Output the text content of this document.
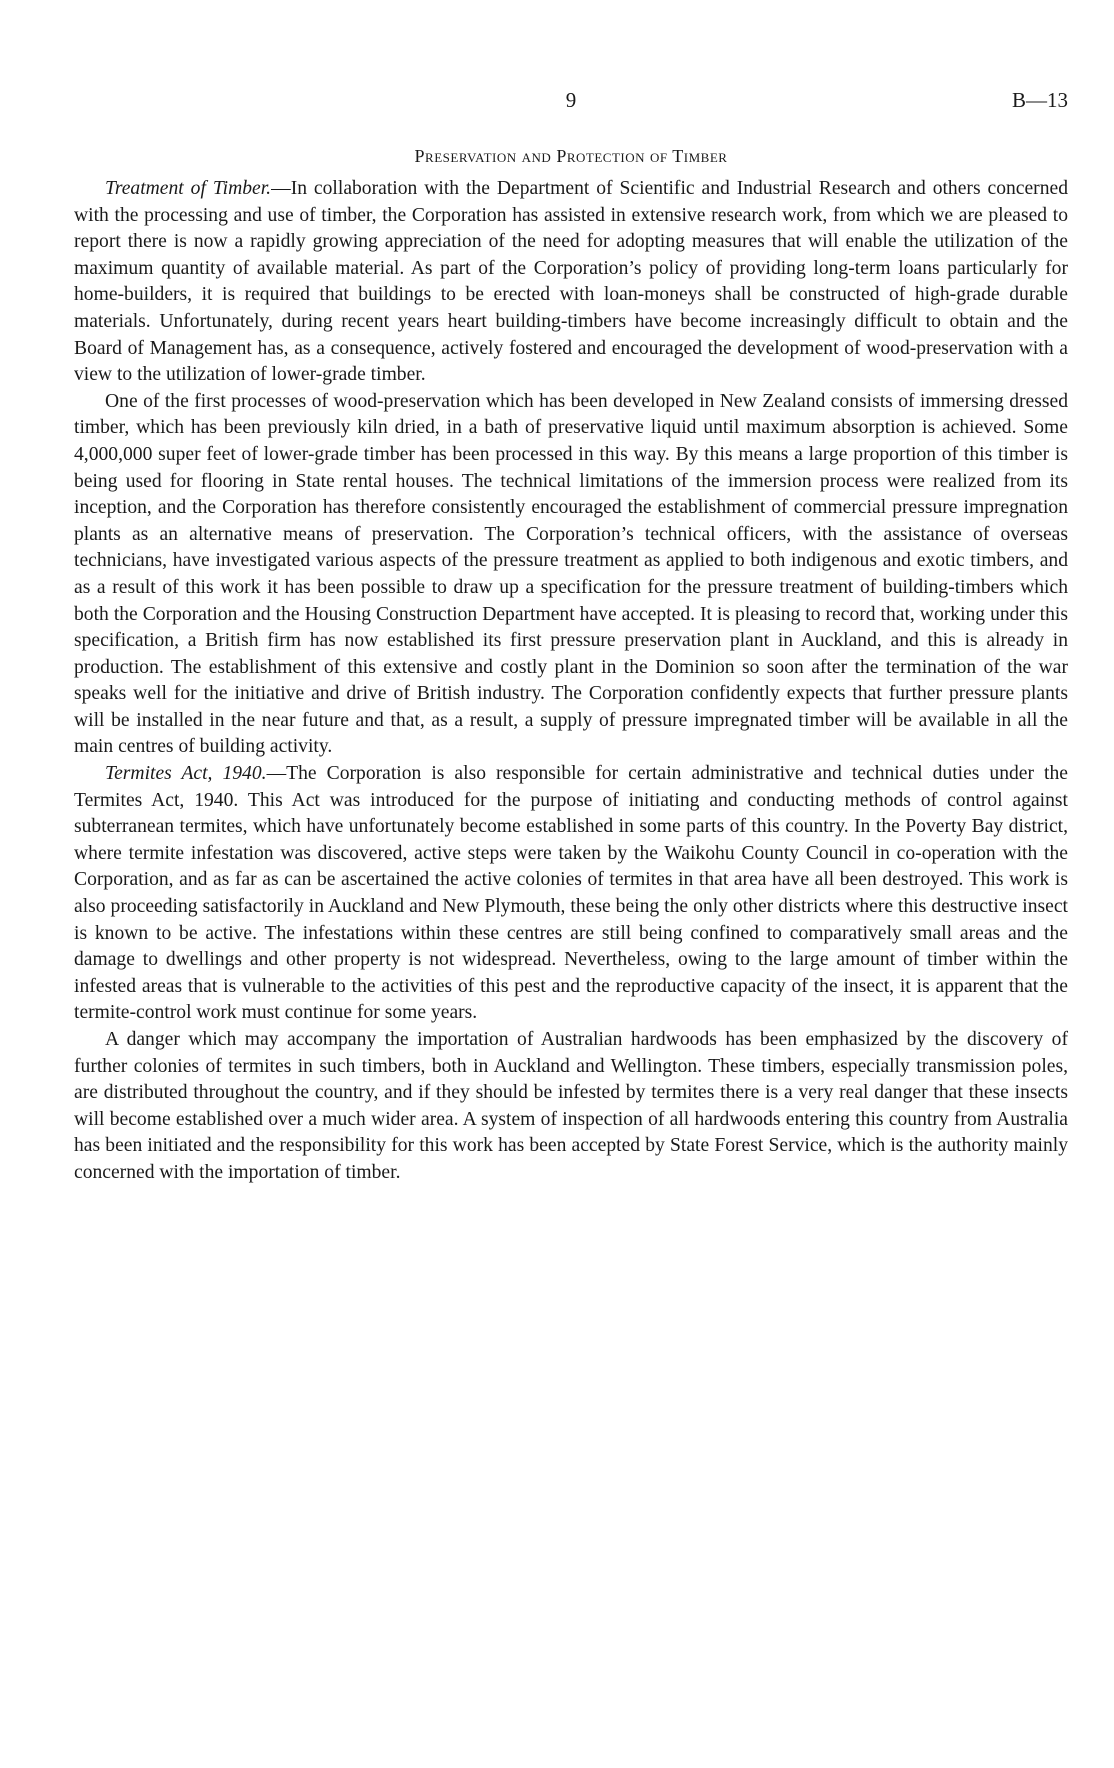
9	B—13
Preservation and Protection of Timber

Treatment of Timber.—In collaboration with the Department of Scientific and Industrial Research and others concerned with the processing and use of timber, the Corporation has assisted in extensive research work, from which we are pleased to report there is now a rapidly growing appreciation of the need for adopting measures that will enable the utilization of the maximum quantity of available material. As part of the Corporation’s policy of providing long-term loans particularly for home-builders, it is required that buildings to be erected with loan-moneys shall be constructed of high-grade durable materials. Unfortunately, during recent years heart building-timbers have become increasingly difficult to obtain and the Board of Management has, as a consequence, actively fostered and encouraged the development of wood-preservation with a view to the utilization of lower-grade timber.

One of the first processes of wood-preservation which has been developed in New Zealand consists of immersing dressed timber, which has been previously kiln dried, in a bath of preservative liquid until maximum absorption is achieved. Some 4,000,000 super feet of lower-grade timber has been processed in this way. By this means a large proportion of this timber is being used for flooring in State rental houses. The technical limitations of the immersion process were realized from its inception, and the Corporation has therefore consistently encouraged the establishment of commercial pressure impregnation plants as an alternative means of preservation. The Corporation’s technical officers, with the assistance of overseas technicians, have investigated various aspects of the pressure treatment as applied to both indigenous and exotic timbers, and as a result of this work it has been possible to draw up a specification for the pressure treatment of building-timbers which both the Corporation and the Housing Construction Department have accepted. It is pleasing to record that, working under this specification, a British firm has now established its first pressure preservation plant in Auckland, and this is already in production. The establishment of this extensive and costly plant in the Dominion so soon after the termination of the war speaks well for the initiative and drive of British industry. The Corporation confidently expects that further pressure plants will be installed in the near future and that, as a result, a supply of pressure impregnated timber will be available in all the main centres of building activity.

Termites Act, 1940.—The Corporation is also responsible for certain administrative and technical duties under the Termites Act, 1940. This Act was introduced for the purpose of initiating and conducting methods of control against subterranean termites, which have unfortunately become established in some parts of this country. In the Poverty Bay district, where termite infestation was discovered, active steps were taken by the Waikohu County Council in co-operation with the Corporation, and as far as can be ascertained the active colonies of termites in that area have all been destroyed. This work is also proceeding satisfactorily in Auckland and New Plymouth, these being the only other districts where this destructive insect is known to be active. The infestations within these centres are still being confined to comparatively small areas and the damage to dwellings and other property is not widespread. Nevertheless, owing to the large amount of timber within the infested areas that is vulnerable to the activities of this pest and the reproductive capacity of the insect, it is apparent that the termite-control work must continue for some years.

A danger which may accompany the importation of Australian hardwoods has been emphasized by the discovery of further colonies of termites in such timbers, both in Auckland and Wellington. These timbers, especially transmission poles, are distributed throughout the country, and if they should be infested by termites there is a very real danger that these insects will become established over a much wider area. A system of inspection of all hardwoods entering this country from Australia has been initiated and the responsibility for this work has been accepted by State Forest Service, which is the authority mainly concerned with the importation of timber.
